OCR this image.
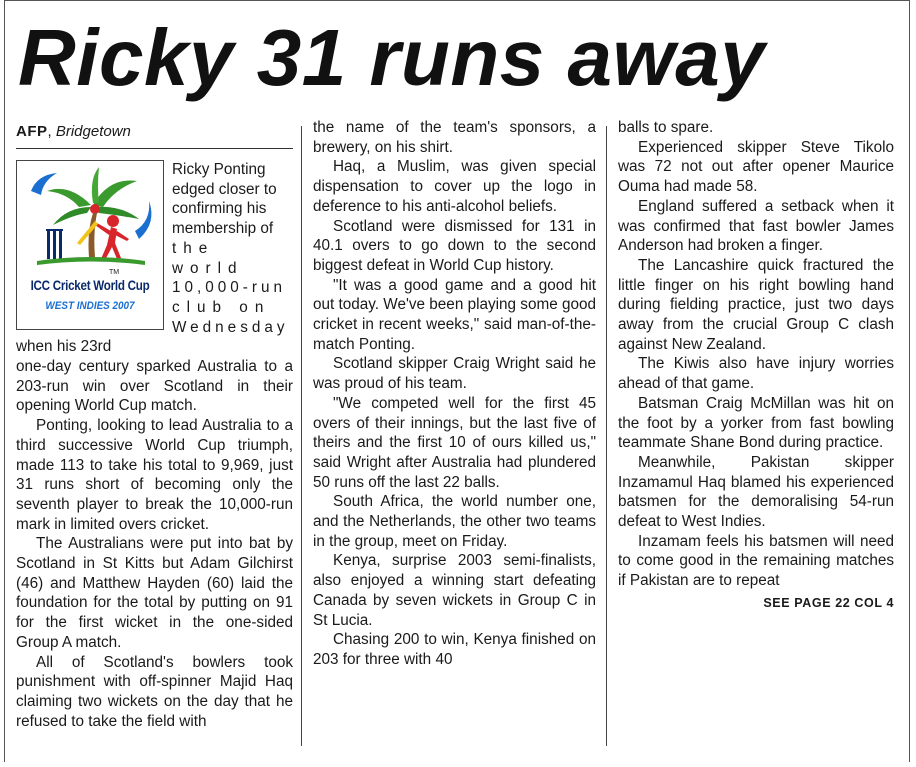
Ricky 31 runs away
AFP, Bridgetown
TM
ICC Cricket World Cup
WEST INDIES 2007

Ricky Ponting
edged closer to
confirming his
membership of
the world
10,000-run
club on
Wednesday
when his 23rd

one-day century sparked Australia to a 203-run win over Scotland in their opening World Cup match.

Ponting, looking to lead Australia to a third successive World Cup triumph, made 113 to take his total to 9,969, just 31 runs short of becoming only the seventh player to break the 10,000-run mark in limited overs cricket.

The Australians were put into bat by Scotland in St Kitts but Adam Gilchirst (46) and Matthew Hayden (60) laid the foundation for the total by putting on 91 for the first wicket in the one-sided Group A match.

All of Scotland's bowlers took punishment with off-spinner Majid Haq claiming two wickets on the day that he refused to take the field with

the name of the team's sponsors, a brewery, on his shirt.

Haq, a Muslim, was given special dispensation to cover up the logo in deference to his anti-alcohol beliefs.

Scotland were dismissed for 131 in 40.1 overs to go down to the second biggest defeat in World Cup history.

"It was a good game and a good hit out today. We've been playing some good cricket in recent weeks," said man-of-the-match Ponting.

Scotland skipper Craig Wright said he was proud of his team.

"We competed well for the first 45 overs of their innings, but the last five of theirs and the first 10 of ours killed us," said Wright after Australia had plundered 50 runs off the last 22 balls.

South Africa, the world number one, and the Netherlands, the other two teams in the group, meet on Friday.

Kenya, surprise 2003 semi-finalists, also enjoyed a winning start defeating Canada by seven wickets in Group C in St Lucia.

Chasing 200 to win, Kenya finished on 203 for three with 40

balls to spare.

Experienced skipper Steve Tikolo was 72 not out after opener Maurice Ouma had made 58.

England suffered a setback when it was confirmed that fast bowler James Anderson had broken a finger.

The Lancashire quick fractured the little finger on his right bowling hand during fielding practice, just two days away from the crucial Group C clash against New Zealand.

The Kiwis also have injury worries ahead of that game.

Batsman Craig McMillan was hit on the foot by a yorker from fast bowling teammate Shane Bond during practice.

Meanwhile, Pakistan skipper Inzamamul Haq blamed his experienced batsmen for the demoralising 54-run defeat to West Indies.

Inzamam feels his batsmen will need to come good in the remaining matches if Pakistan are to repeat

SEE PAGE 22 COL 4
